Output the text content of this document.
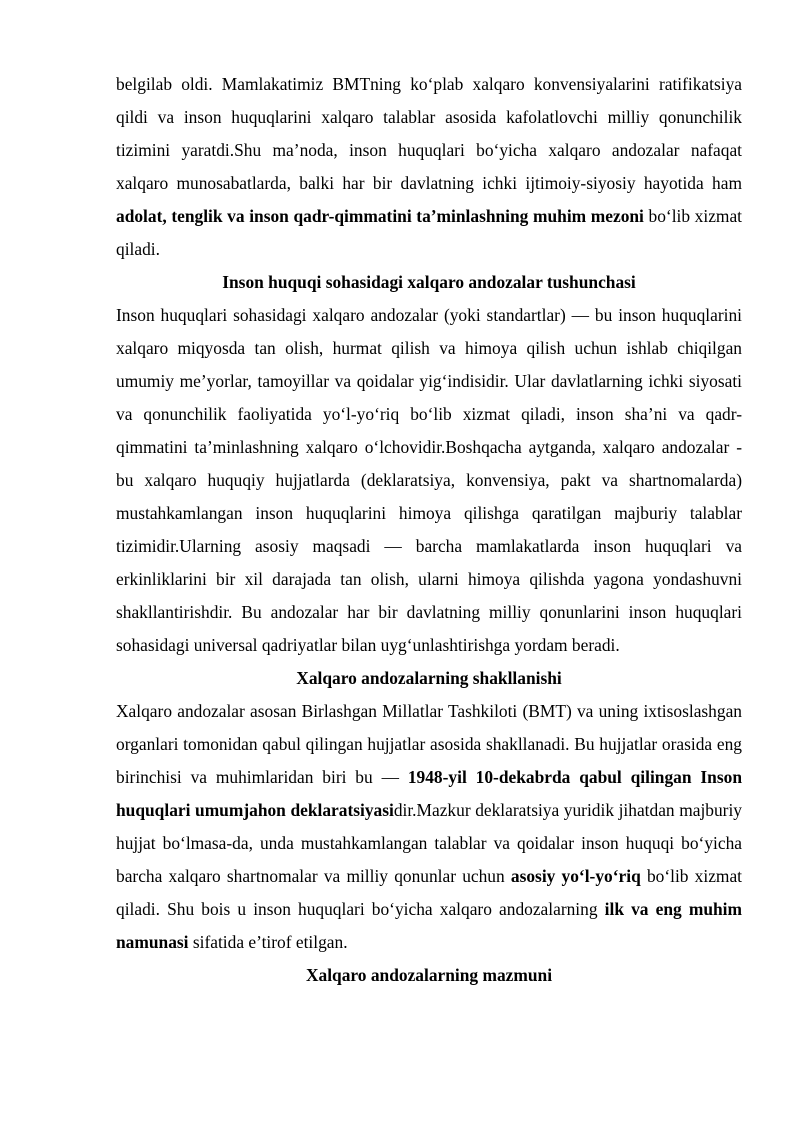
belgilab oldi. Mamlakatimiz BMTning ko‘plab xalqaro konvensiyalarini ratifikatsiya qildi va inson huquqlarini xalqaro talablar asosida kafolatlovchi milliy qonunchilik tizimini yaratdi.Shu ma’noda, inson huquqlari bo‘yicha xalqaro andozalar nafaqat xalqaro munosabatlarda, balki har bir davlatning ichki ijtimoiy-siyosiy hayotida ham adolat, tenglik va inson qadr-qimmatini ta’minlashning muhim mezoni bo‘lib xizmat qiladi.

Inson huquqi sohasidagi xalqaro andozalar tushunchasi

Inson huquqlari sohasidagi xalqaro andozalar (yoki standartlar) — bu inson huquqlarini xalqaro miqyosda tan olish, hurmat qilish va himoya qilish uchun ishlab chiqilgan umumiy me’yorlar, tamoyillar va qoidalar yig‘indisidir. Ular davlatlarning ichki siyosati va qonunchilik faoliyatida yo‘l-yo‘riq bo‘lib xizmat qiladi, inson sha’ni va qadr-qimmatini ta’minlashning xalqaro o‘lchovidir.Boshqacha aytganda, xalqaro andozalar - bu xalqaro huquqiy hujjatlarda (deklaratsiya, konvensiya, pakt va shartnomalarda) mustahkamlangan inson huquqlarini himoya qilishga qaratilgan majburiy talablar tizimidir.Ularning asosiy maqsadi — barcha mamlakatlarda inson huquqlari va erkinliklarini bir xil darajada tan olish, ularni himoya qilishda yagona yondashuvni shakllantirishdir. Bu andozalar har bir davlatning milliy qonunlarini inson huquqlari sohasidagi universal qadriyatlar bilan uyg‘unlashtirishga yordam beradi.

Xalqaro andozalarning shakllanishi

Xalqaro andozalar asosan Birlashgan Millatlar Tashkiloti (BMT) va uning ixtisoslashgan organlari tomonidan qabul qilingan hujjatlar asosida shakllanadi. Bu hujjatlar orasida eng birinchisi va muhimlaridan biri bu — 1948-yil 10-dekabrda qabul qilingan Inson huquqlari umumjahon deklaratsiyasidir.Mazkur deklaratsiya yuridik jihatdan majburiy hujjat bo‘lmasa-da, unda mustahkamlangan talablar va qoidalar inson huquqi bo‘yicha barcha xalqaro shartnomalar va milliy qonunlar uchun asosiy yo‘l-yo‘riq bo‘lib xizmat qiladi. Shu bois u inson huquqlari bo‘yicha xalqaro andozalarning ilk va eng muhim namunasi sifatida e’tirof etilgan.

Xalqaro andozalarning mazmuni
